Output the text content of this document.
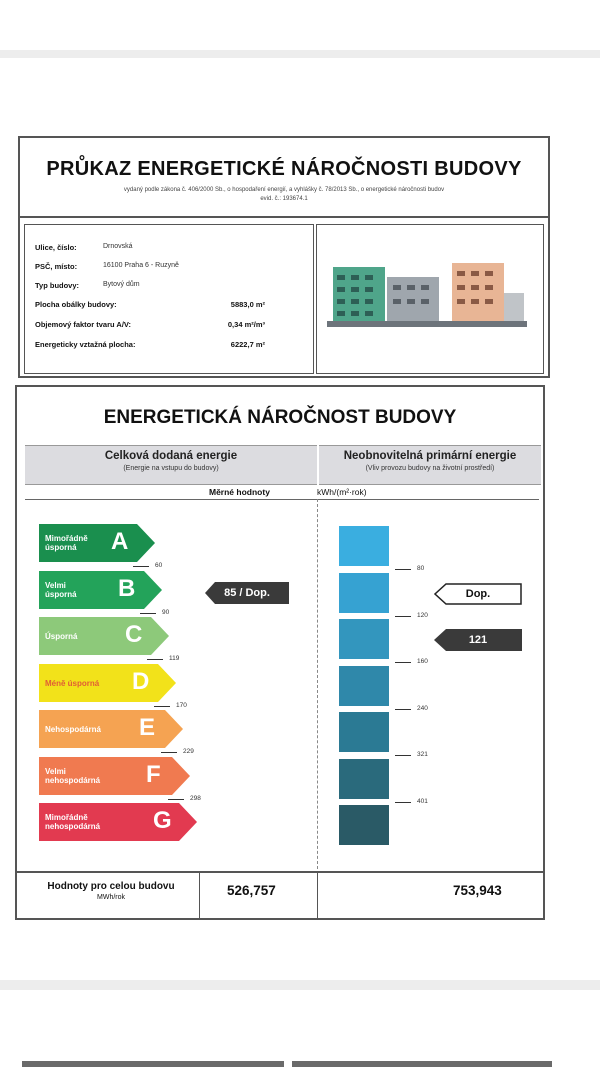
PRŮKAZ ENERGETICKÉ NÁROČNOSTI BUDOVY
vydaný podle zákona č. 406/2000 Sb., o hospodaření energií, a vyhlášky č. 78/2013 Sb., o energetické náročnosti budov
evid. č.: 193674.1
Ulice, číslo:	Drnovská
PSČ, místo:	16100 Praha 6 - Ruzyně
Typ budovy:	Bytový dům
Plocha obálky budovy:	5883,0 m²
Objemový faktor tvaru A/V:	0,34 m²/m³
Energeticky vztažná plocha:	6222,7 m²
ENERGETICKÁ NÁROČNOST BUDOVY
Celková dodaná energie
(Energie na vstupu do budovy)
Neobnovitelná primární energie
(Vliv provozu budovy na životní prostředí)
Měrné hodnoty	kWh/(m²·rok)
Mimořádně
úsporná	A
Velmi
úsporná B
Úsporná C
Méně úsporná D
Nehospodárná E
Velmi
nehospodárná F
Mimořádně
nehospodárná G
60
90
119
170
229
298
80
120
160
240
321
401
85 / Dop.	Dop.
121
Hodnoty pro celou budovu
MWh/rok	526,757	753,943
